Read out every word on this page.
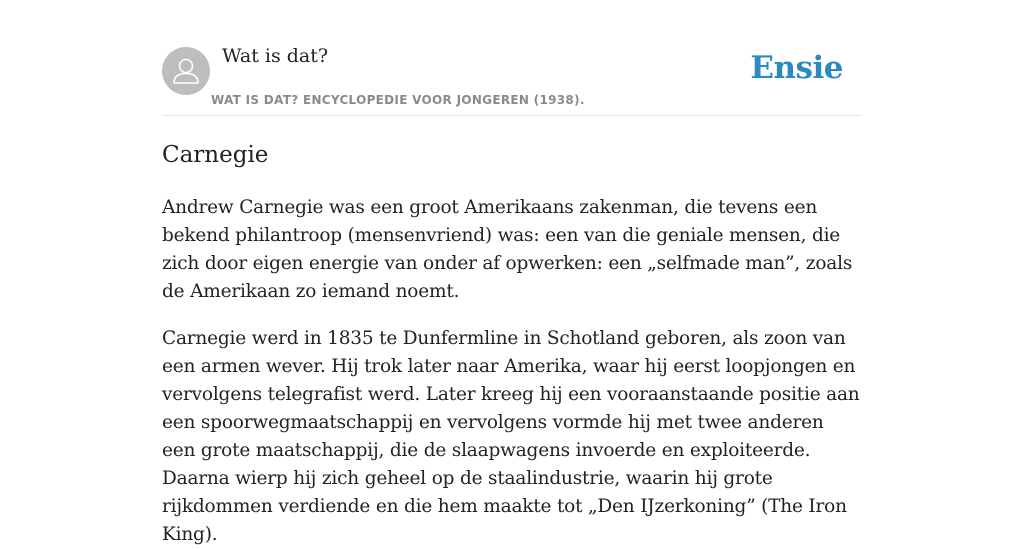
Wat is dat?
WAT IS DAT? ENCYCLOPEDIE VOOR JONGEREN (1938).
Ensie
Carnegie

Andrew Carnegie was een groot Amerikaans zakenman, die tevens een bekend philantroop (mensenvriend) was: een van die geniale mensen, die zich door eigen energie van onder af opwerken: een „selfmade man”, zoals de Amerikaan zo iemand noemt.

Carnegie werd in 1835 te Dunfermline in Schotland geboren, als zoon van een armen wever. Hij trok later naar Amerika, waar hij eerst loopjongen en vervolgens telegrafist werd. Later kreeg hij een vooraanstaande positie aan een spoorwegmaatschappij en vervolgens vormde hij met twee anderen een grote maatschappij, die de slaapwagens invoerde en exploiteerde. Daarna wierp hij zich geheel op de staalindustrie, waarin hij grote rijkdommen verdiende en die hem maakte tot „Den IJzerkoning” (The Iron King).
